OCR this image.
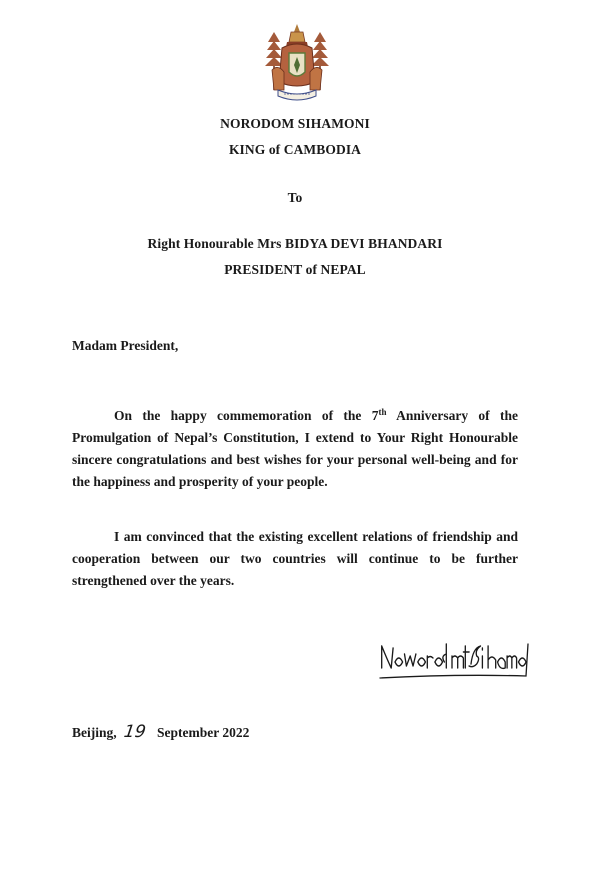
NORODOM SIHAMONI
KING of CAMBODIA
To
Right Honourable Mrs BIDYA DEVI BHANDARI
PRESIDENT of NEPAL
Madam President,
On the happy commemoration of the 7th Anniversary of the Promulgation of Nepal’s Constitution, I extend to Your Right Honourable sincere congratulations and best wishes for your personal well-being and for the happiness and prosperity of your people.
I am convinced that the existing excellent relations of friendship and cooperation between our two countries will continue to be further strengthened over the years.
Beijing, 19 September 2022
